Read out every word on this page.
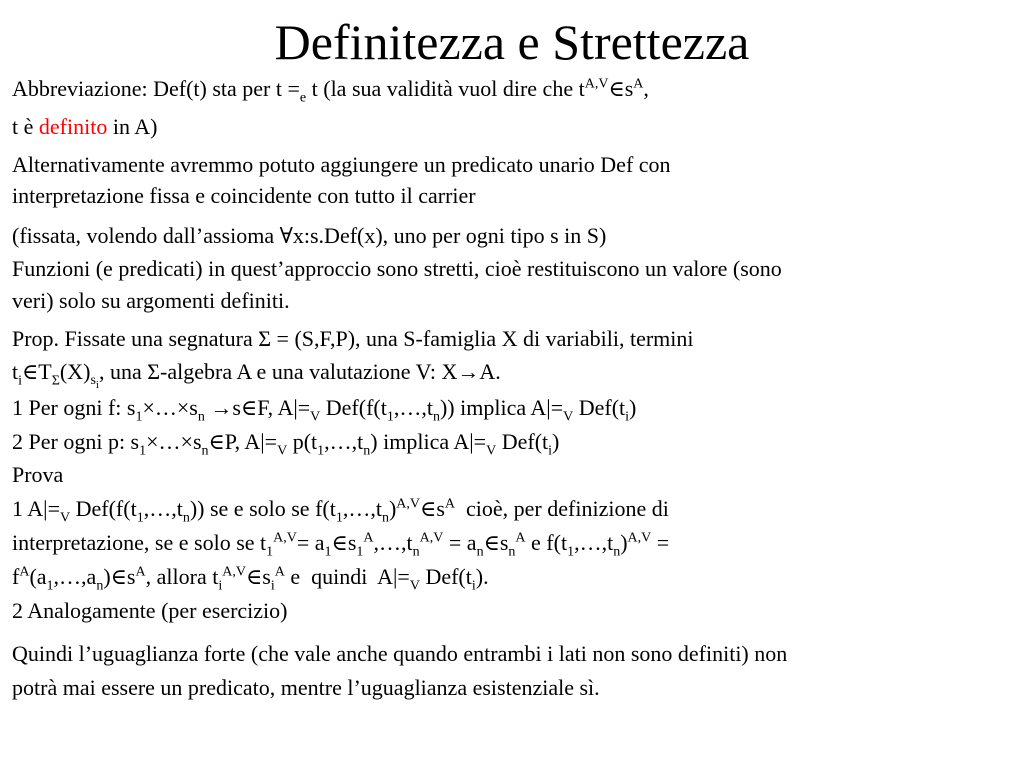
Definitezza e Strettezza
Abbreviazione: Def(t) sta per $t =_e$ t (la sua validità vuol dire che $t^{A,V}\in s^A$,
t è definito in A)
Alternativamente avremmo potuto aggiungere un predicato unario Def con
interpretazione fissa e coincidente con tutto il carrier
(fissata, volendo dall’assioma ∀x:s.Def(x), uno per ogni tipo s in S)
Funzioni (e predicati) in quest’approccio sono stretti, cioè restituiscono un valore (sono
veri) solo su argomenti definiti.
Prop. Fissate una segnatura Σ = (S,F,P), una S-famiglia X di variabili, termini
$t_i\in T_\Sigma(X)_{s_i}$, una Σ-algebra A e una valutazione V: X→A.
1 Per ogni f: $s_1\times\dots\times s_n$ →s∈F, $A|=_V$ $Def(f(t_1,\dots,t_n))$ implica $A|=_V$ $Def(t_i)$
2 Per ogni p: $s_1\times\dots\times s_n\in P$, $A|=_V$ $p(t_1,\dots,t_n)$ implica $A|=_V$ $Def(t_i)$
Prova
1 $A|=_V$ $Def(f(t_1,\dots,t_n))$ se e solo se $f(t_1,\dots,t_n)^{A,V}\in s^A$  cioè, per definizione di
interpretazione, se e solo se $t_1^{A,V}=$ $a_1\in s_1^A,\dots,t_n^{A,V}$ = $a_n\in s_n^A$ e $f(t_1,\dots,t_n)^{A,V}$ =
$f^A(a_1,\dots,a_n)\in s^A$, allora $t_i^{A,V}\in s_i^A$ e  quindi  $A|=_V$ $Def(t_i)$.
2 Analogamente (per esercizio)
Quindi l’uguaglianza forte (che vale anche quando entrambi i lati non sono definiti) non
potrà mai essere un predicato, mentre l’uguaglianza esistenziale sì.
